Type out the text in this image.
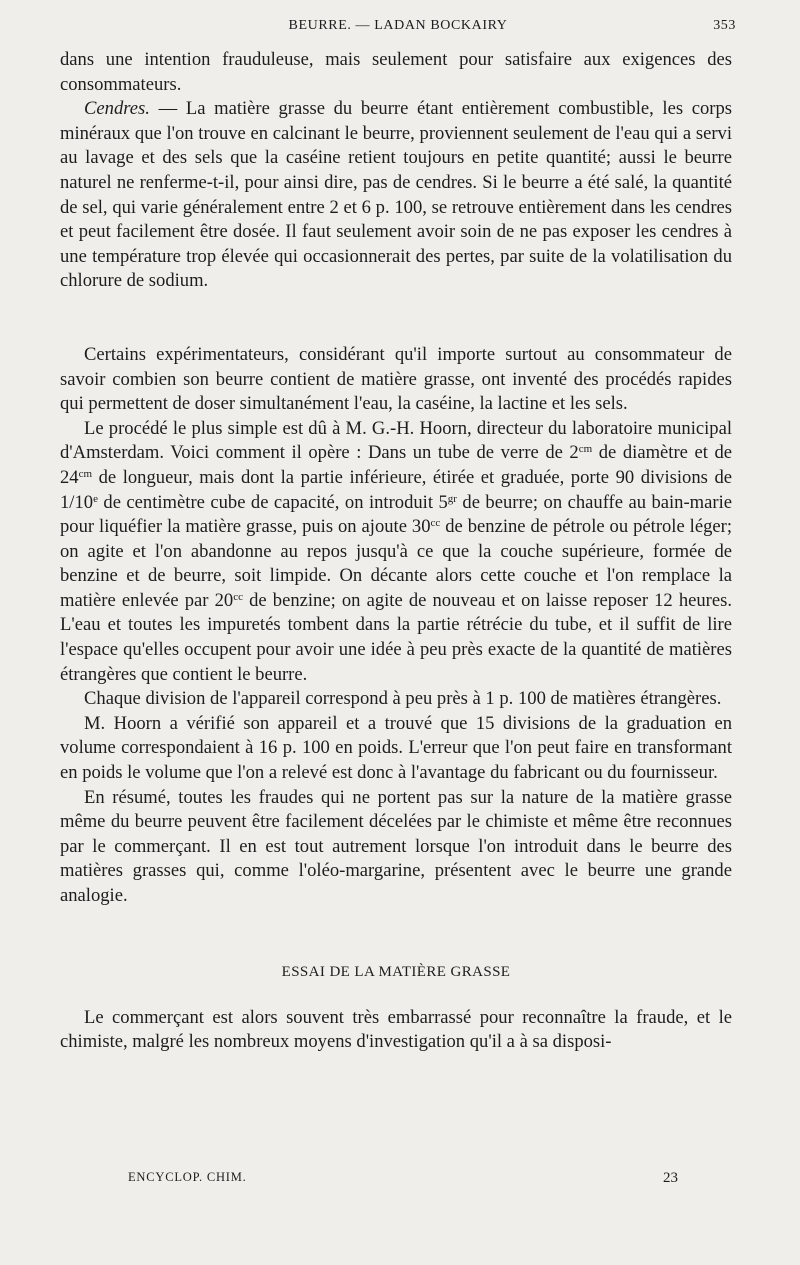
BEURRE. — LADAN BOCKAIRY	353

dans une intention frauduleuse, mais seulement pour satisfaire aux exigences des consommateurs.

Cendres. — La matière grasse du beurre étant entièrement combustible, les corps minéraux que l'on trouve en calcinant le beurre, proviennent seulement de l'eau qui a servi au lavage et des sels que la caséine retient toujours en petite quantité; aussi le beurre naturel ne renferme-t-il, pour ainsi dire, pas de cendres. Si le beurre a été salé, la quantité de sel, qui varie généralement entre 2 et 6 p. 100, se retrouve entièrement dans les cendres et peut facilement être dosée. Il faut seulement avoir soin de ne pas exposer les cendres à une température trop élevée qui occasionnerait des pertes, par suite de la volatilisation du chlorure de sodium.

Certains expérimentateurs, considérant qu'il importe surtout au consommateur de savoir combien son beurre contient de matière grasse, ont inventé des procédés rapides qui permettent de doser simultanément l'eau, la caséine, la lactine et les sels.

Le procédé le plus simple est dû à M. G.-H. Hoorn, directeur du laboratoire municipal d'Amsterdam. Voici comment il opère : Dans un tube de verre de $2^{cm}$ de diamètre et de $24^{cm}$ de longueur, mais dont la partie inférieure, étirée et graduée, porte 90 divisions de 1/10e de centimètre cube de capacité, on introduit $5^{gr}$ de beurre; on chauffe au bain-marie pour liquéfier la matière grasse, puis on ajoute $30^{cc}$ de benzine de pétrole ou pétrole léger; on agite et l'on abandonne au repos jusqu'à ce que la couche supérieure, formée de benzine et de beurre, soit limpide. On décante alors cette couche et l'on remplace la matière enlevée par $20^{cc}$ de benzine; on agite de nouveau et on laisse reposer 12 heures. L'eau et toutes les impuretés tombent dans la partie rétrécie du tube, et il suffit de lire l'espace qu'elles occupent pour avoir une idée à peu près exacte de la quantité de matières étrangères que contient le beurre.

Chaque division de l'appareil correspond à peu près à 1 p. 100 de matières étrangères.

M. Hoorn a vérifié son appareil et a trouvé que 15 divisions de la graduation en volume correspondaient à 16 p. 100 en poids. L'erreur que l'on peut faire en transformant en poids le volume que l'on a relevé est donc à l'avantage du fabricant ou du fournisseur.

En résumé, toutes les fraudes qui ne portent pas sur la nature de la matière grasse même du beurre peuvent être facilement décelées par le chimiste et même être reconnues par le commerçant. Il en est tout autrement lorsque l'on introduit dans le beurre des matières grasses qui, comme l'oléo-margarine, présentent avec le beurre une grande analogie.

ESSAI DE LA MATIÈRE GRASSE

Le commerçant est alors souvent très embarrassé pour reconnaître la fraude, et le chimiste, malgré les nombreux moyens d'investigation qu'il a à sa disposi-

ENCYCLOP. CHIM.	23
